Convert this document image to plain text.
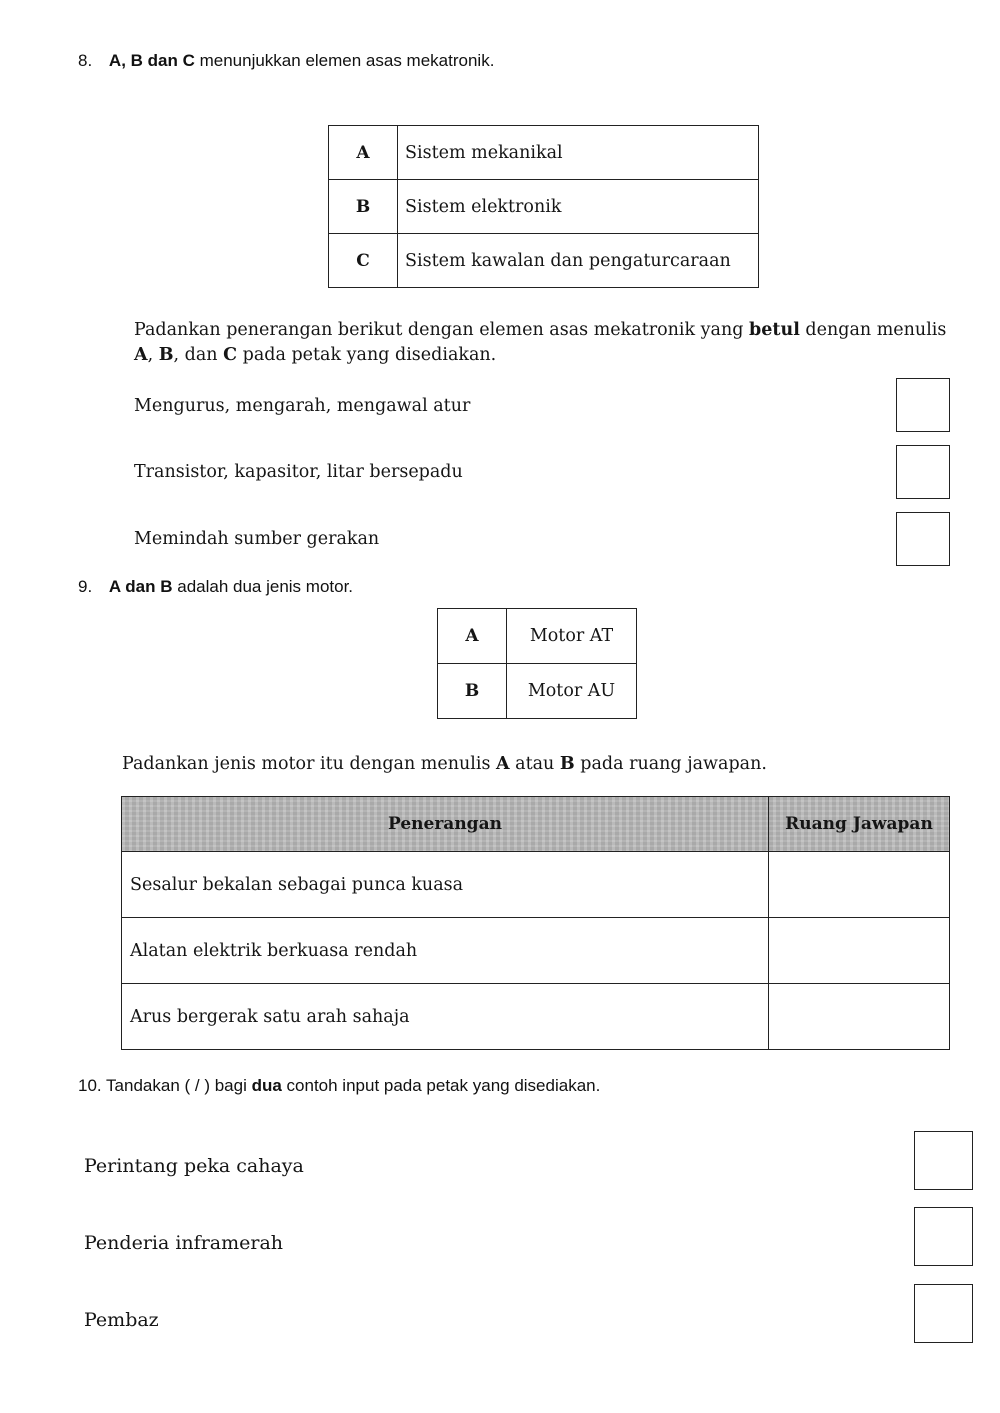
8. A, B dan C menunjukkan elemen asas mekatronik.
A	Sistem mekanikal
B	Sistem elektronik
C	Sistem kawalan dan pengaturcaraan
Padankan penerangan berikut dengan elemen asas mekatronik yang betul dengan menulis
A, B, dan C pada petak yang disediakan.
Mengurus, mengarah, mengawal atur
Transistor, kapasitor, litar bersepadu
Memindah sumber gerakan
9. A dan B adalah dua jenis motor.
A	Motor AT
B	Motor AU
Padankan jenis motor itu dengan menulis A atau B pada ruang jawapan.
Penerangan	Ruang Jawapan
Sesalur bekalan sebagai punca kuasa	
Alatan elektrik berkuasa rendah	
Arus bergerak satu arah sahaja	
10. Tandakan ( / ) bagi dua contoh input pada petak yang disediakan.
Perintang peka cahaya
Penderia inframerah
Pembaz
